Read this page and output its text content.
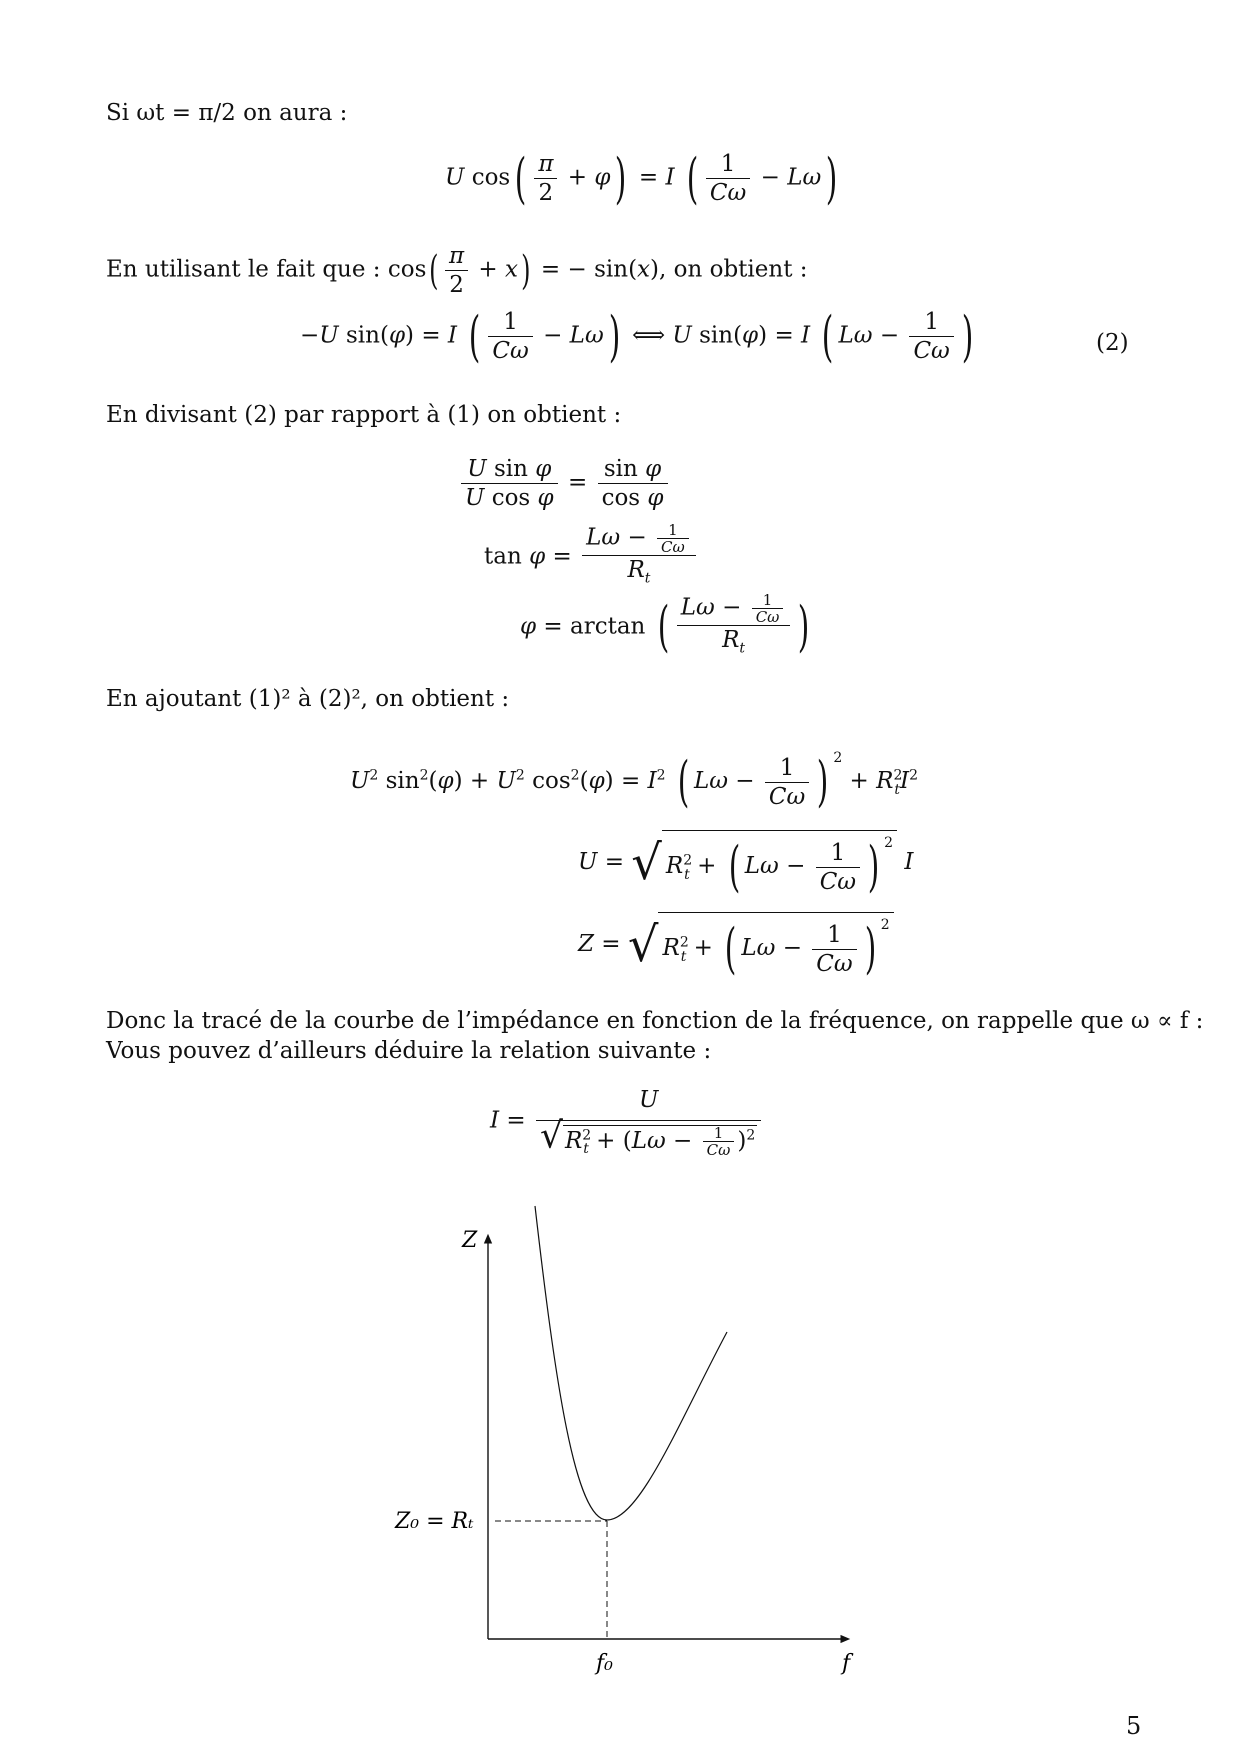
Si ωt = π/2 on aura :
U $\cos( \frac{\pi}{2} + \varphi) = I$ ( $\frac{1}{C\omega} - L\omega$)
En utilisant le fait que : $\cos( \frac{\pi}{2} + x)$ = − sin(x), on obtient :
−U sin(φ) = I ( $\frac{1}{C\omega} - L\omega$) ⟺ U sin(φ) = I ( $L\omega - \frac{1}{C\omega}$ )	(2)
En divisant (2) par rapport à (1) on obtient :
$\frac{\text{U sin φ}}{\text{U cos φ}} = \frac{\text{sin φ}}{\text{cos φ}}$
$\tan \varphi = \frac{L\omega - \frac{1}{C\omega}}{R_t}$
φ = arctan ( $\frac{L\omega - \frac{1}{C\omega}}{R_t}$ )
En ajoutant (1)² à (2)², on obtient :
$U^2$ $\sin^2(\varphi) + U^2$ $\cos^2(\varphi) = I^2$ ( $L\omega - \frac{1}{C\omega}$ ) $^2 + R^2_tI^2$
U = √ $R^2_t$ + ( $L\omega - \frac{1}{C\omega}$ ) $^2$ I
Z = √ $R^2_t$ + ( $L\omega - \frac{1}{C\omega}$ ) $^2$
Donc la tracé de la courbe de l’impédance en fonction de la fréquence, on rappelle que ω ∝ f :
Vous pouvez d’ailleurs déduire la relation suivante :
$I = \frac{U}{√R^2_t + (L\omega - \frac{1}{C\omega} )^2}$
Z
f
Z₀ = Rₜ
f₀
5
